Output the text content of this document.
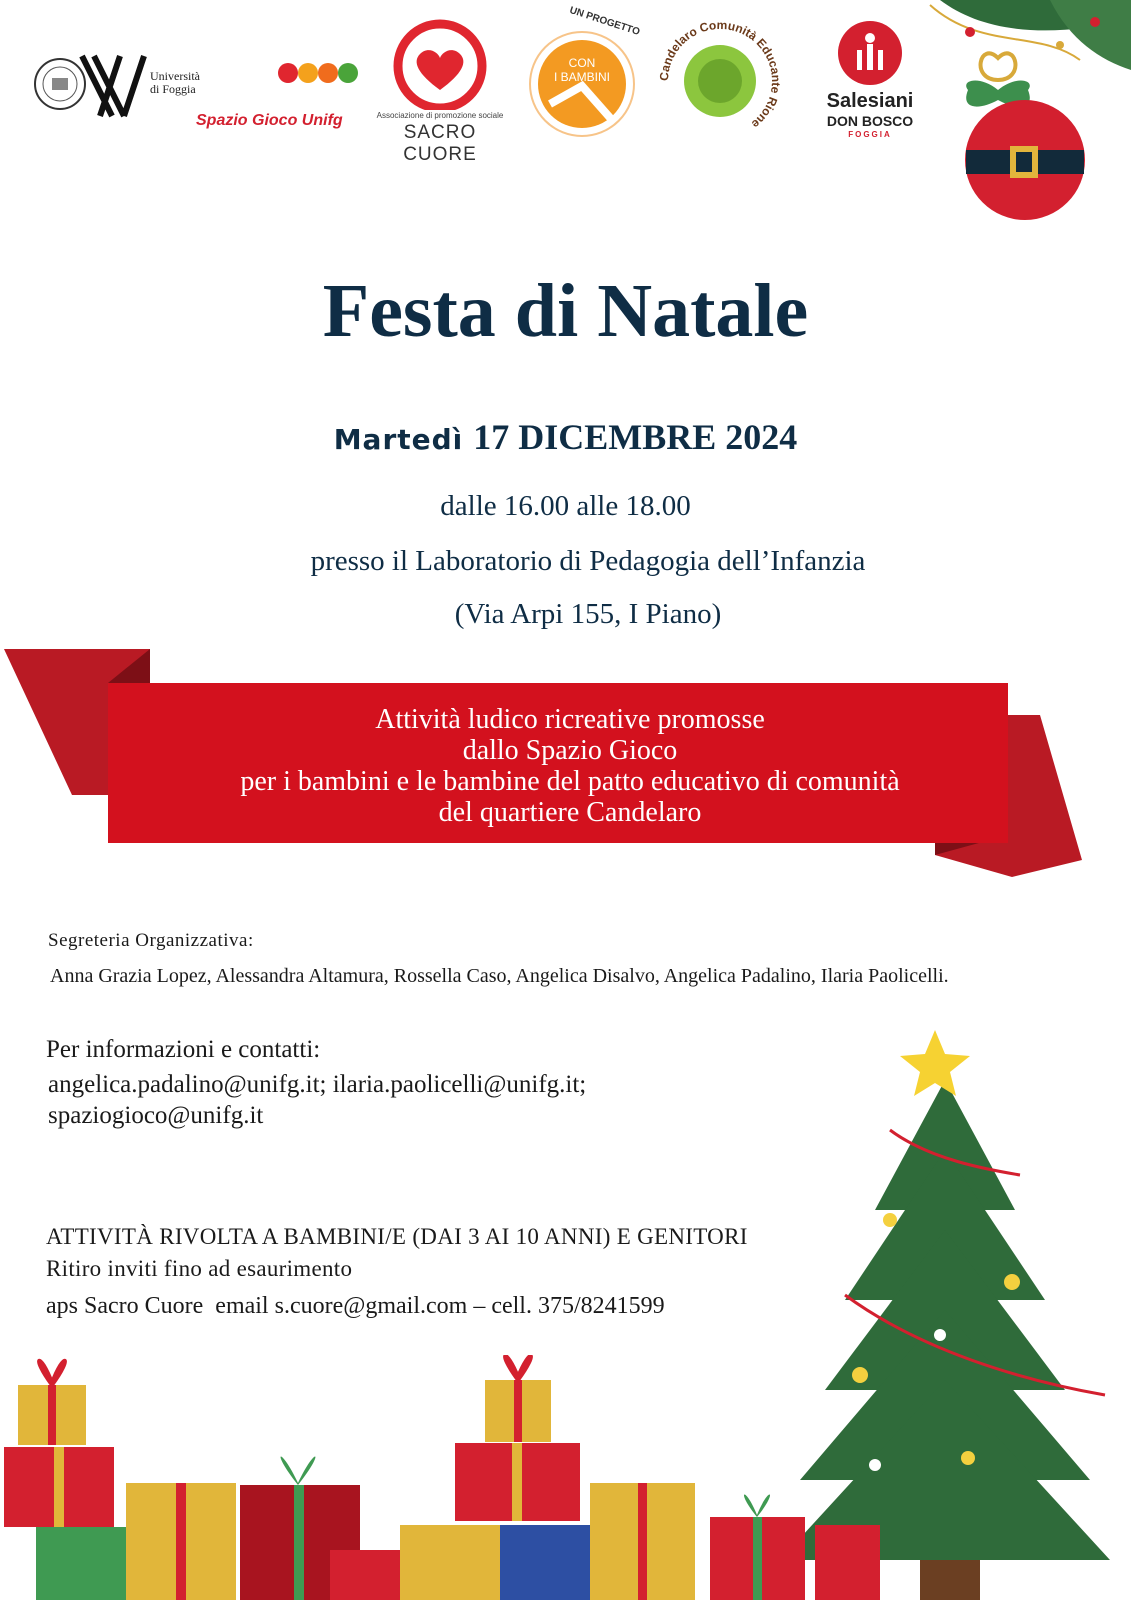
Università
di Foggia
Spazio Gioco Unifg	Associazione di promozione sociale
SACRO CUORE
UN PROGETTO
CON
I BAMBINI	Candelaro Comunità Educante Rione
Salesiani
DON BOSCO
FOGGIA
Festa di Natale
Martedì 17 DICEMBRE 2024
dalle 16.00 alle 18.00
presso il Laboratorio di Pedagogia dell’Infanzia
(Via Arpi 155, I Piano)
Attività ludico ricreative promosse
dallo Spazio Gioco
per i bambini e le bambine del patto educativo di comunità
del quartiere Candelaro
Segreteria Organizzativa:
Anna Grazia Lopez, Alessandra Altamura, Rossella Caso, Angelica Disalvo, Angelica Padalino, Ilaria Paolicelli.
Per informazioni e contatti:
angelica.padalino@unifg.it; ilaria.paolicelli@unifg.it;
spaziogioco@unifg.it
ATTIVITÀ RIVOLTA A BAMBINI/E (DAI 3 AI 10 ANNI) E GENITORI
Ritiro inviti fino ad esaurimento
aps Sacro Cuore  email s.cuore@gmail.com – cell. 375/8241599
